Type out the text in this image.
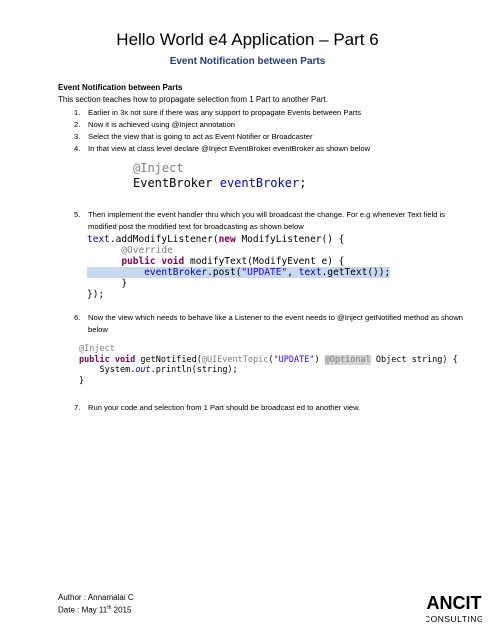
Hello World e4 Application – Part 6
Event Notification between Parts
Event Notification between Parts
This section teaches how to propagate selection from 1 Part to another Part.
1. Earlier in 3x not sure if there was any support to propagate Events between Parts
2. Now it is achieved using @Inject annotation
3. Select the view that is going to act as Event Notifier or Broadcaster
4. In that view at class level declare @Inject EventBroker eventBroker as shown below
@Inject
EventBroker eventBroker;
5. Then implement the event handler thru which you will broadcast the change. For e.g whenever Text field is modified post the modified text for broadcasting as shown below
text.addModifyListener(new ModifyListener() {
@Override
public void modifyText(ModifyEvent e) {
eventBroker.post("UPDATE", text.getText());
}
});
6. Now the view which needs to behave like a Listener to the event needs to @Inject getNotified method as shown below
@Inject
public void getNotified(@UIEventTopic("UPDATE") @Optional Object string) {
System.out.println(string);
}
7. Run your code and selection from 1 Part should be broadcast ed to another view.
Author : Annamalai C
Date : May 11th 2015	ANCIT
CONSULTING
